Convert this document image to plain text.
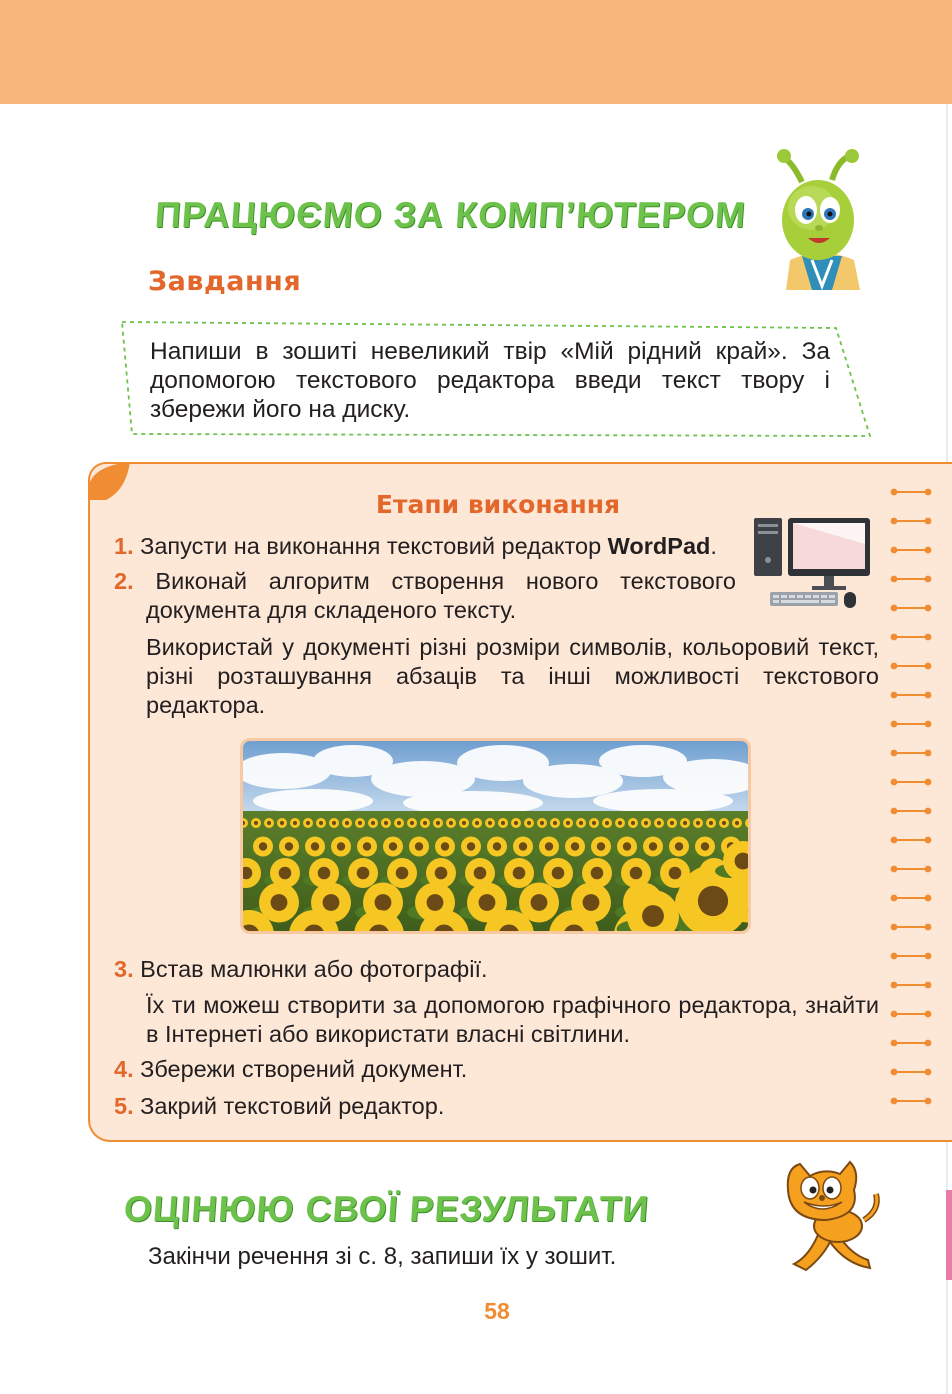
ПРАЦЮЄМО ЗА КОМП’ЮТЕРОМ
Завдання
Напиши в зошиті невеликий твір «Мій рідний край». За допомогою текстового редактора введи текст твору і збережи його на диску.
Етапи виконання
1. Запусти на виконання текстовий редактор WordPad.
2. Виконай алгоритм створення нового текстового
документа для складеного тексту.
Використай у документі різні розміри символів, кольоровий текст, різні розташування абзаців та інші можливості текстового редактора.
3. Встав малюнки або фотографії.
Їх ти можеш створити за допомогою графічного редактора, знайти в Інтернеті або використати власні світлини.
4. Збережи створений документ.
5. Закрий текстовий редактор.
ОЦІНЮЮ СВОЇ РЕЗУЛЬТАТИ
Закінчи речення зі с. 8, запиши їх у зошит.
58
